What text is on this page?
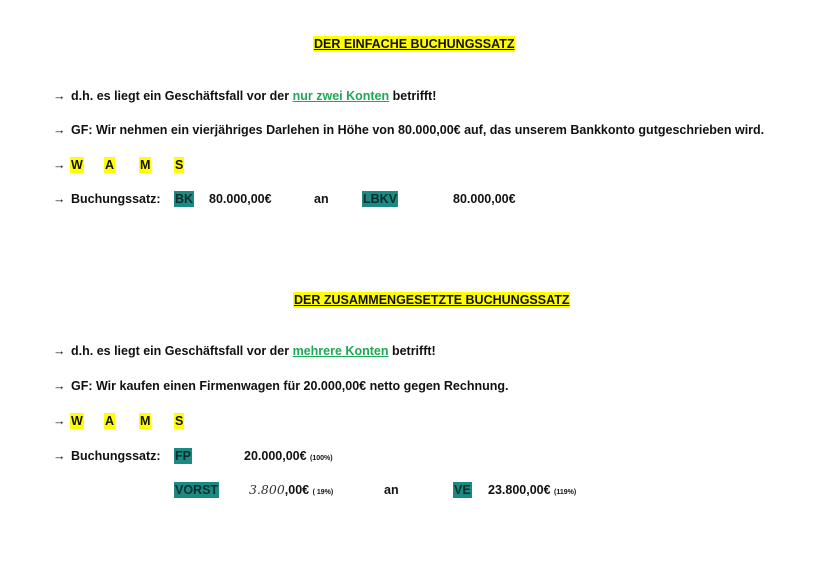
DER EINFACHE BUCHUNGSSATZ
→ d.h. es liegt ein Geschäftsfall vor der nur zwei Konten betrifft!
→ GF: Wir nehmen ein vierjähriges Darlehen in Höhe von 80.000,00€ auf, das unserem Bankkonto gutgeschrieben wird.
→ W A M S
→ Buchungssatz: BK 80.000,00€	an	LBKV	80.000,00€
DER ZUSAMMENGESETZTE BUCHUNGSSATZ
→ d.h. es liegt ein Geschäftsfall vor der mehrere Konten betrifft!
→ GF: Wir kaufen einen Firmenwagen für 20.000,00€ netto gegen Rechnung.
→ W A M S
→ Buchungssatz: FP	20.000,00€ (100%)
VORST 3.800,00€ ( 19%)	an	VE 23.800,00€ (119%)
